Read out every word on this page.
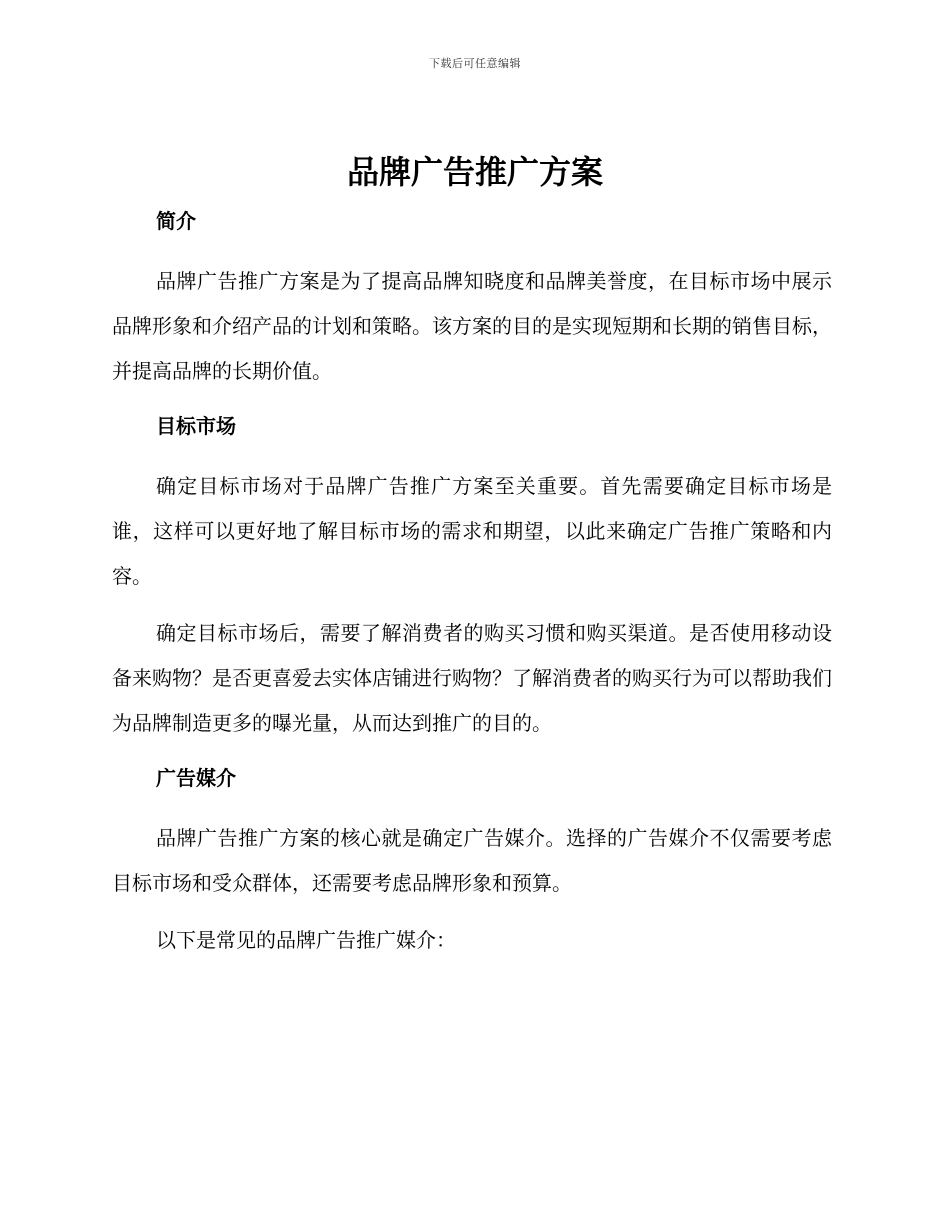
下载后可任意编辑
品牌广告推广方案
简介

品牌广告推广方案是为了提高品牌知晓度和品牌美誉度，在目标市场中展示品牌形象和介绍产品的计划和策略。该方案的目的是实现短期和长期的销售目标，并提高品牌的长期价值。

目标市场

确定目标市场对于品牌广告推广方案至关重要。首先需要确定目标市场是谁，这样可以更好地了解目标市场的需求和期望，以此来确定广告推广策略和内容。

确定目标市场后，需要了解消费者的购买习惯和购买渠道。是否使用移动设备来购物？是否更喜爱去实体店铺进行购物？了解消费者的购买行为可以帮助我们为品牌制造更多的曝光量，从而达到推广的目的。

广告媒介

品牌广告推广方案的核心就是确定广告媒介。选择的广告媒介不仅需要考虑目标市场和受众群体，还需要考虑品牌形象和预算。

以下是常见的品牌广告推广媒介：
